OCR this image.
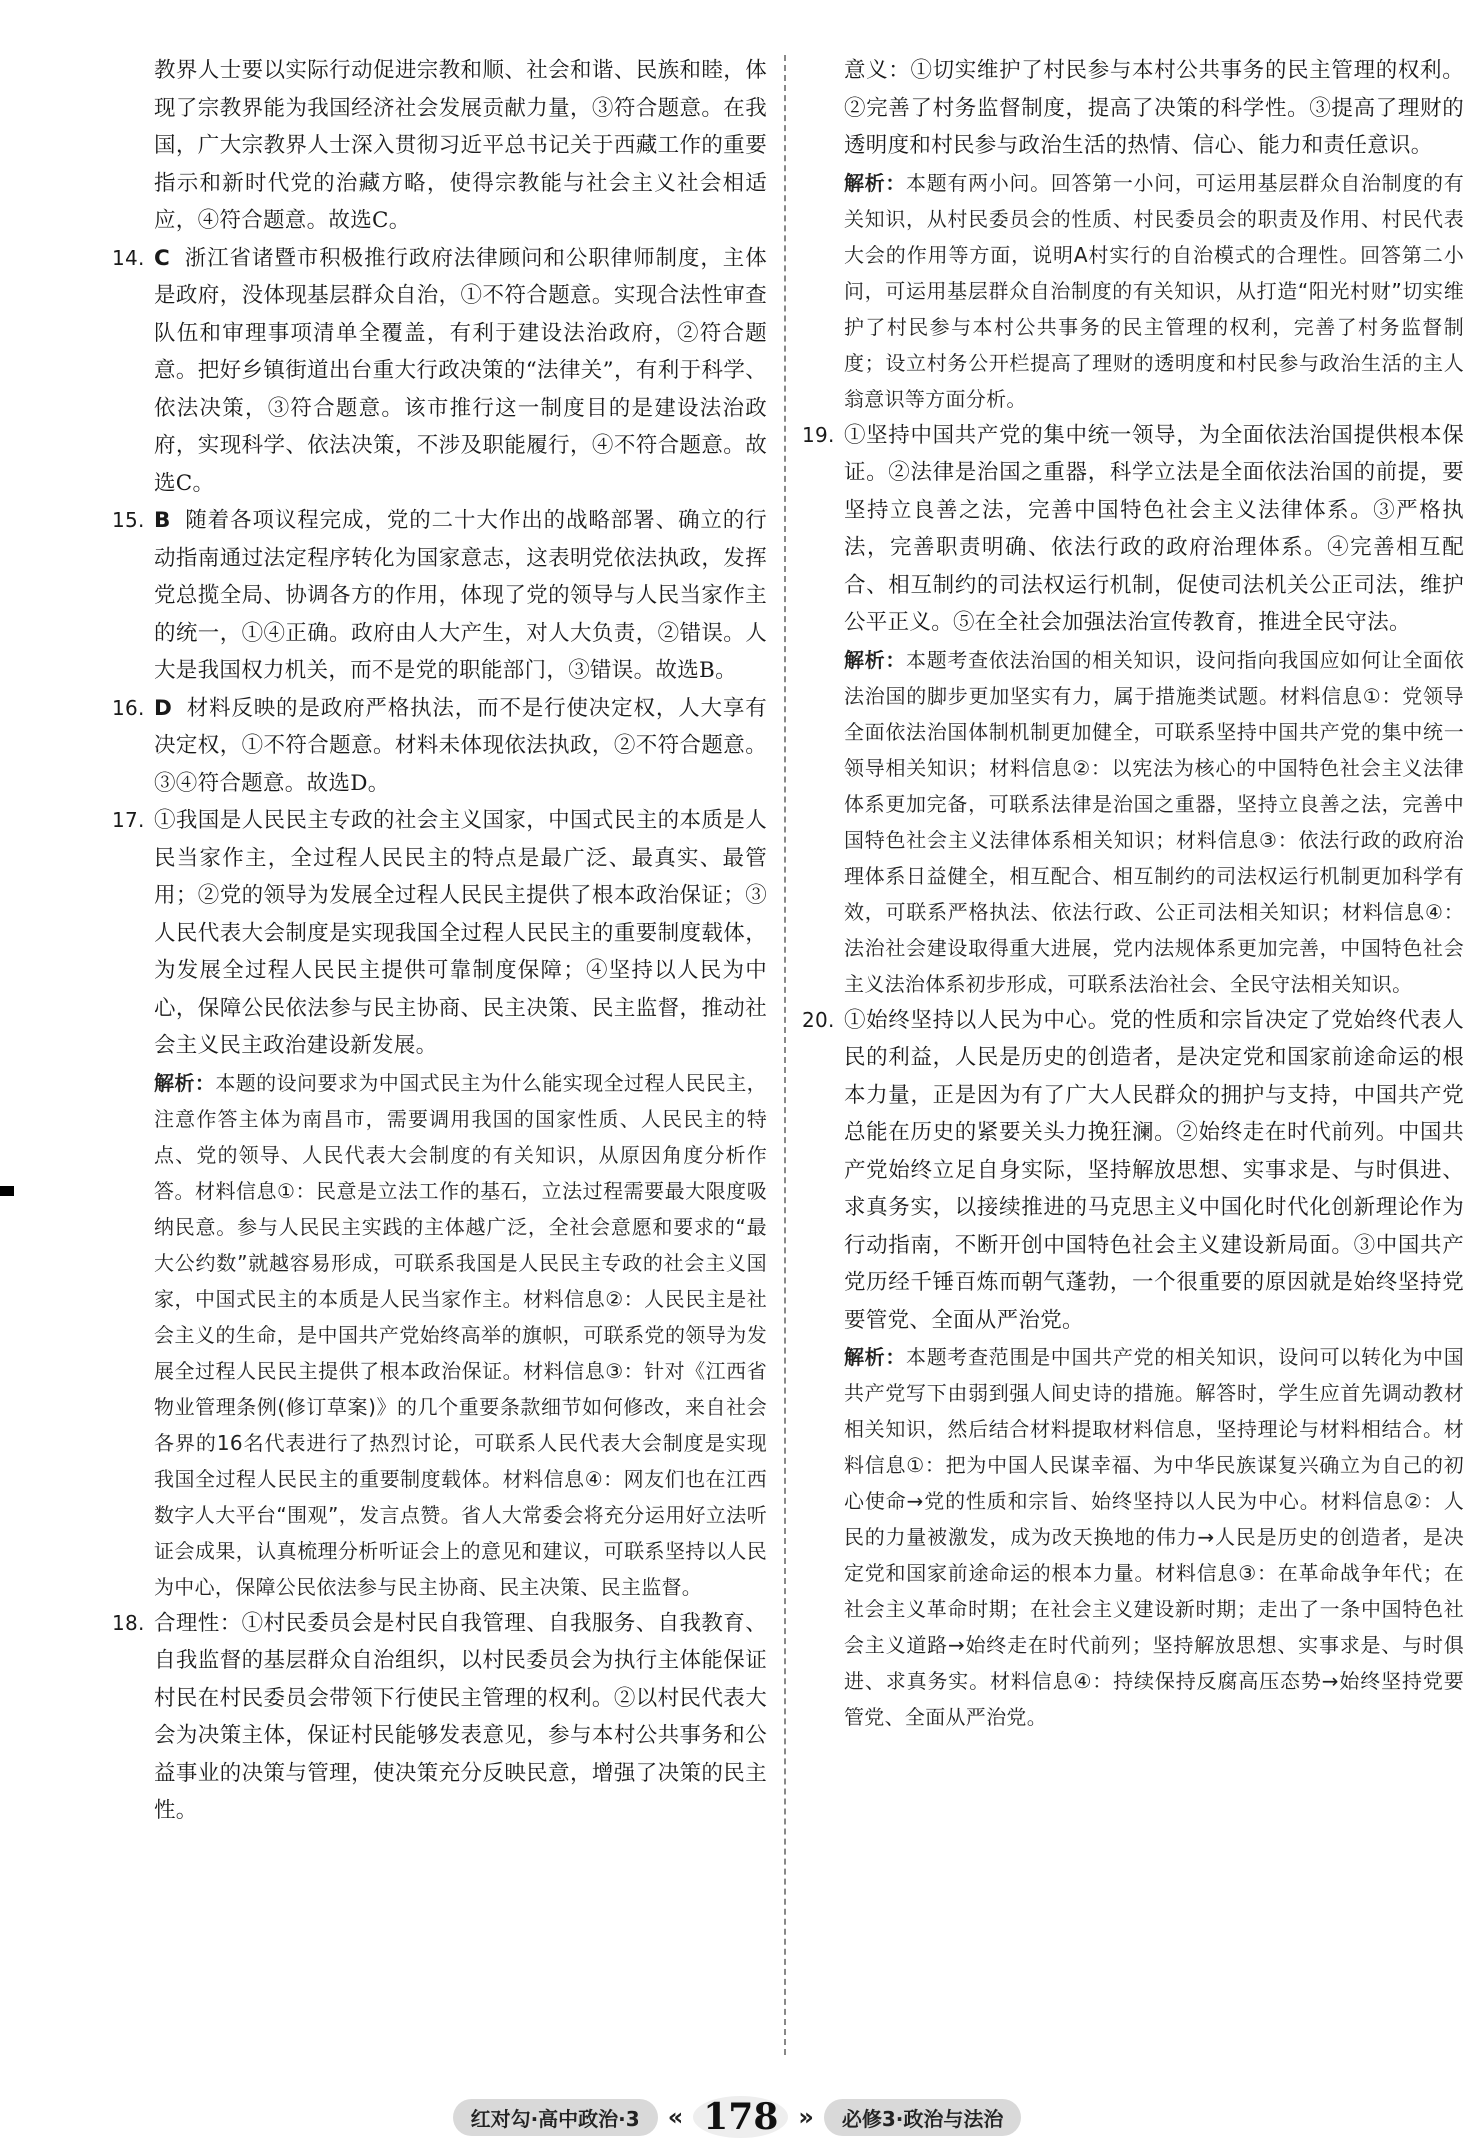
教界人士要以实际行动促进宗教和顺、社会和谐、民族和睦，体现了宗教界能为我国经济社会发展贡献力量，③符合题意。在我国，广大宗教界人士深入贯彻习近平总书记关于西藏工作的重要指示和新时代党的治藏方略，使得宗教能与社会主义社会相适应，④符合题意。故选C。

14. C 浙江省诸暨市积极推行政府法律顾问和公职律师制度，主体是政府，没体现基层群众自治，①不符合题意。实现合法性审查队伍和审理事项清单全覆盖，有利于建设法治政府，②符合题意。把好乡镇街道出台重大行政决策的“法律关”，有利于科学、依法决策，③符合题意。该市推行这一制度目的是建设法治政府，实现科学、依法决策，不涉及职能履行，④不符合题意。故选C。
15. B 随着各项议程完成，党的二十大作出的战略部署、确立的行动指南通过法定程序转化为国家意志，这表明党依法执政，发挥党总揽全局、协调各方的作用，体现了党的领导与人民当家作主的统一，①④正确。政府由人大产生，对人大负责，②错误。人大是我国权力机关，而不是党的职能部门，③错误。故选B。
16. D 材料反映的是政府严格执法，而不是行使决定权，人大享有决定权，①不符合题意。材料未体现依法执政，②不符合题意。③④符合题意。故选D。
17. ①我国是人民民主专政的社会主义国家，中国式民主的本质是人民当家作主，全过程人民民主的特点是最广泛、最真实、最管用；②党的领导为发展全过程人民民主提供了根本政治保证；③人民代表大会制度是实现我国全过程人民民主的重要制度载体，为发展全过程人民民主提供可靠制度保障；④坚持以人民为中心，保障公民依法参与民主协商、民主决策、民主监督，推动社会主义民主政治建设新发展。

解析：本题的设问要求为中国式民主为什么能实现全过程人民民主，注意作答主体为南昌市，需要调用我国的国家性质、人民民主的特点、党的领导、人民代表大会制度的有关知识，从原因角度分析作答。材料信息①：民意是立法工作的基石，立法过程需要最大限度吸纳民意。参与人民民主实践的主体越广泛，全社会意愿和要求的“最大公约数”就越容易形成，可联系我国是人民民主专政的社会主义国家，中国式民主的本质是人民当家作主。材料信息②：人民民主是社会主义的生命，是中国共产党始终高举的旗帜，可联系党的领导为发展全过程人民民主提供了根本政治保证。材料信息③：针对《江西省物业管理条例(修订草案)》的几个重要条款细节如何修改，来自社会各界的16名代表进行了热烈讨论，可联系人民代表大会制度是实现我国全过程人民民主的重要制度载体。材料信息④：网友们也在江西数字人大平台“围观”，发言点赞。省人大常委会将充分运用好立法听证会成果，认真梳理分析听证会上的意见和建议，可联系坚持以人民为中心，保障公民依法参与民主协商、民主决策、民主监督。

18. 合理性：①村民委员会是村民自我管理、自我服务、自我教育、自我监督的基层群众自治组织，以村民委员会为执行主体能保证村民在村民委员会带领下行使民主管理的权利。②以村民代表大会为决策主体，保证村民能够发表意见，参与本村公共事务和公益事业的决策与管理，使决策充分反映民意，增强了决策的民主性。

意义：①切实维护了村民参与本村公共事务的民主管理的权利。②完善了村务监督制度，提高了决策的科学性。③提高了理财的透明度和村民参与政治生活的热情、信心、能力和责任意识。

解析：本题有两小问。回答第一小问，可运用基层群众自治制度的有关知识，从村民委员会的性质、村民委员会的职责及作用、村民代表大会的作用等方面，说明A村实行的自治模式的合理性。回答第二小问，可运用基层群众自治制度的有关知识，从打造“阳光村财”切实维护了村民参与本村公共事务的民主管理的权利，完善了村务监督制度；设立村务公开栏提高了理财的透明度和村民参与政治生活的主人翁意识等方面分析。

19. ①坚持中国共产党的集中统一领导，为全面依法治国提供根本保证。②法律是治国之重器，科学立法是全面依法治国的前提，要坚持立良善之法，完善中国特色社会主义法律体系。③严格执法，完善职责明确、依法行政的政府治理体系。④完善相互配合、相互制约的司法权运行机制，促使司法机关公正司法，维护公平正义。⑤在全社会加强法治宣传教育，推进全民守法。

解析：本题考查依法治国的相关知识，设问指向我国应如何让全面依法治国的脚步更加坚实有力，属于措施类试题。材料信息①：党领导全面依法治国体制机制更加健全，可联系坚持中国共产党的集中统一领导相关知识；材料信息②：以宪法为核心的中国特色社会主义法律体系更加完备，可联系法律是治国之重器，坚持立良善之法，完善中国特色社会主义法律体系相关知识；材料信息③：依法行政的政府治理体系日益健全，相互配合、相互制约的司法权运行机制更加科学有效，可联系严格执法、依法行政、公正司法相关知识；材料信息④：法治社会建设取得重大进展，党内法规体系更加完善，中国特色社会主义法治体系初步形成，可联系法治社会、全民守法相关知识。

20. ①始终坚持以人民为中心。党的性质和宗旨决定了党始终代表人民的利益，人民是历史的创造者，是决定党和国家前途命运的根本力量，正是因为有了广大人民群众的拥护与支持，中国共产党总能在历史的紧要关头力挽狂澜。②始终走在时代前列。中国共产党始终立足自身实际，坚持解放思想、实事求是、与时俱进、求真务实，以接续推进的马克思主义中国化时代化创新理论作为行动指南，不断开创中国特色社会主义建设新局面。③中国共产党历经千锤百炼而朝气蓬勃，一个很重要的原因就是始终坚持党要管党、全面从严治党。

解析：本题考查范围是中国共产党的相关知识，设问可以转化为中国共产党写下由弱到强人间史诗的措施。解答时，学生应首先调动教材相关知识，然后结合材料提取材料信息，坚持理论与材料相结合。材料信息①：把为中国人民谋幸福、为中华民族谋复兴确立为自己的初心使命→党的性质和宗旨、始终坚持以人民为中心。材料信息②：人民的力量被激发，成为改天换地的伟力→人民是历史的创造者，是决定党和国家前途命运的根本力量。材料信息③：在革命战争年代；在社会主义革命时期；在社会主义建设新时期；走出了一条中国特色社会主义道路→始终走在时代前列；坚持解放思想、实事求是、与时俱进、求真务实。材料信息④：持续保持反腐高压态势→始终坚持党要管党、全面从严治党。

红对勾·高中政治·3	« 178 »	必修3·政治与法治
